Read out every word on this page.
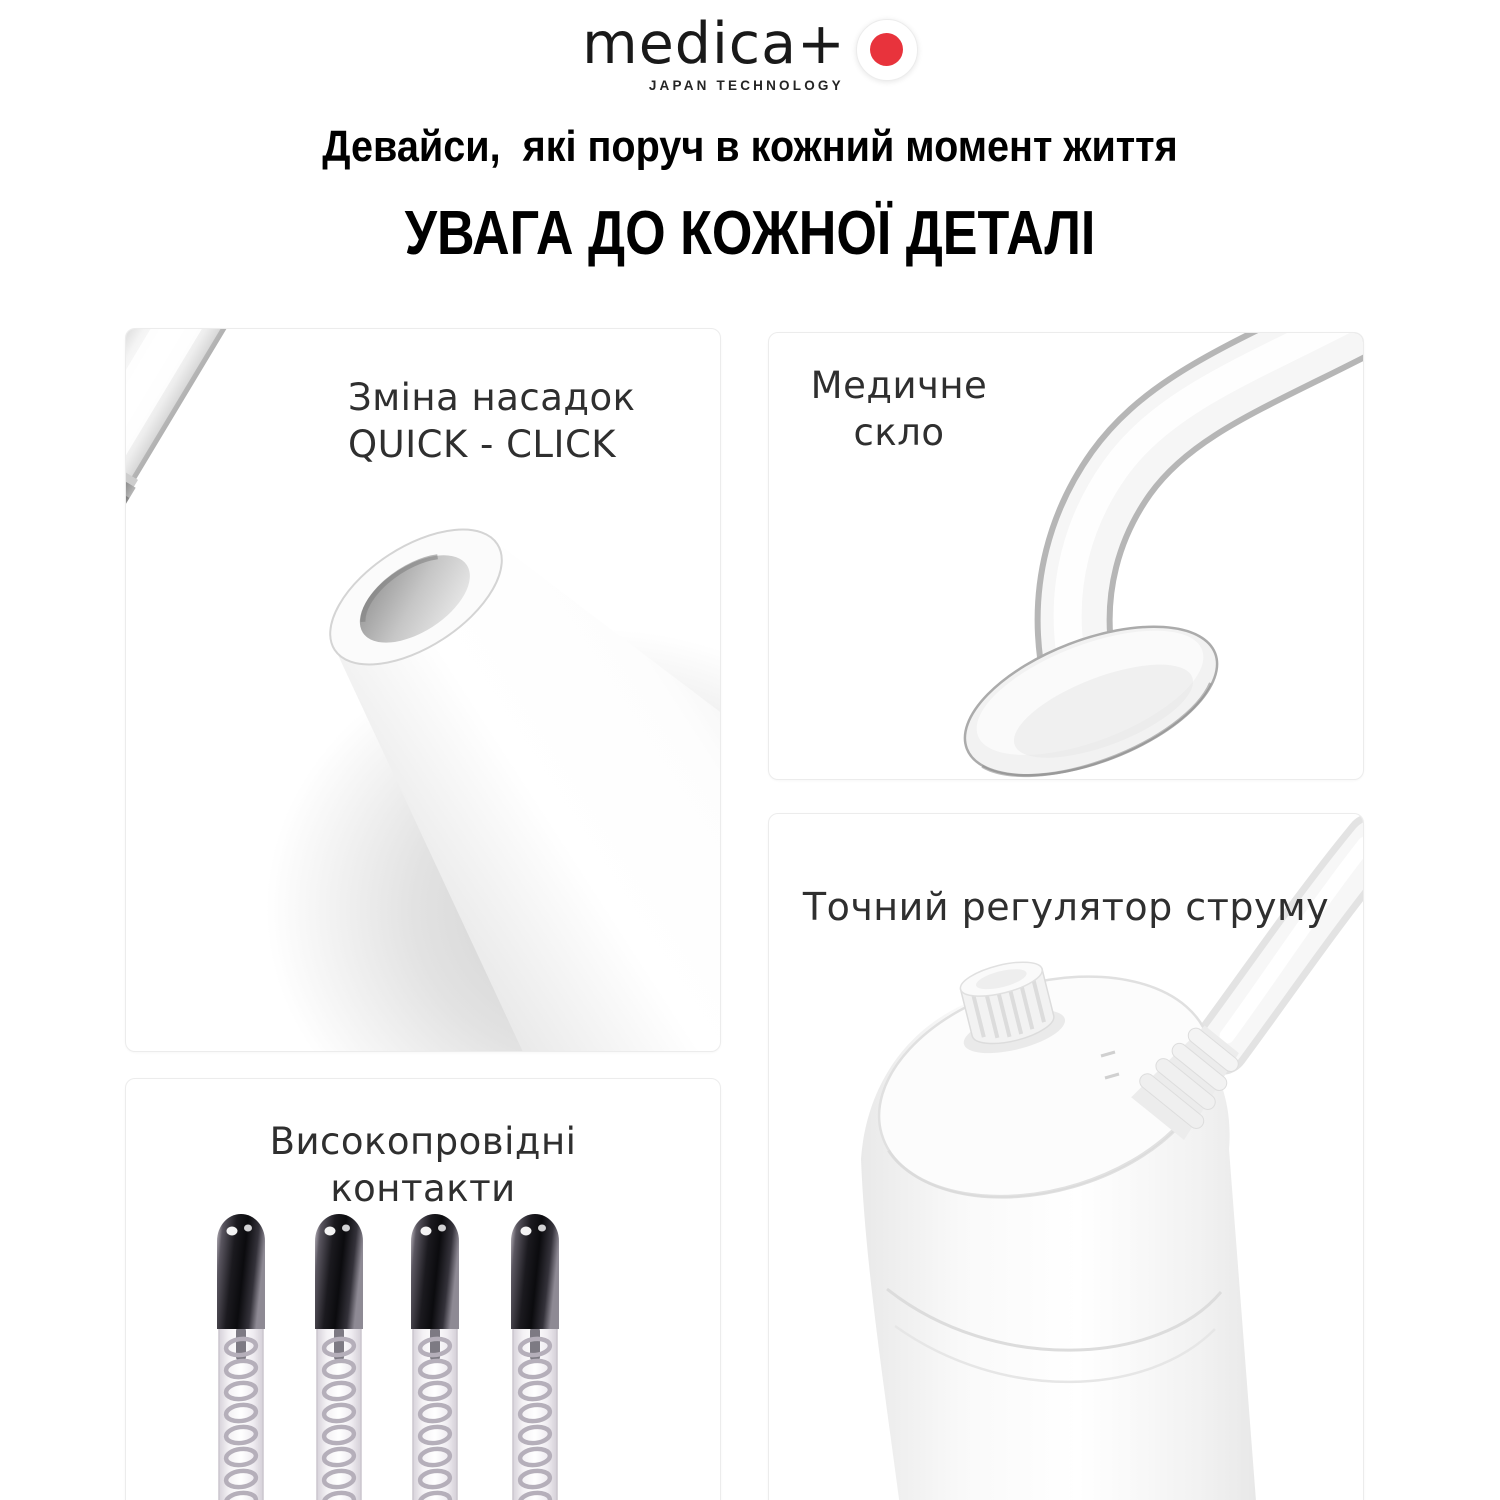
medica+
JAPAN TECHNOLOGY
Девайси,  які поруч в кожний момент життя
УВАГА ДО КОЖНОЇ ДЕТАЛІ
Зміна насадок
QUICK - CLICK
Медичне
скло
Точний регулятор струму
Високопровідні
контакти
